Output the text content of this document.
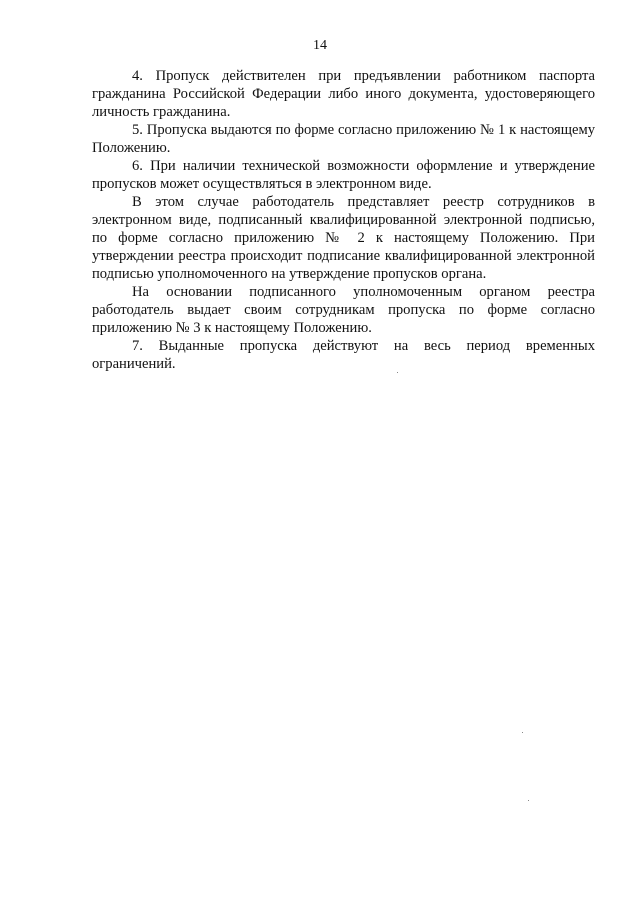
14

4. Пропуск действителен при предъявлении работником паспорта гражданина Российской Федерации либо иного документа, удостоверяющего личность гражданина.

5. Пропуска выдаются по форме согласно приложению № 1 к настоящему Положению.

6. При наличии технической возможности оформление и утверждение пропусков может осуществляться в электронном виде.

В этом случае работодатель представляет реестр сотрудников в электронном виде, подписанный квалифицированной электронной подписью, по форме согласно приложению № 2 к настоящему Положению. При утверждении реестра происходит подписание квалифицированной электронной подписью уполномоченного на утверждение пропусков органа.

На основании подписанного уполномоченным органом реестра работодатель выдает своим сотрудникам пропуска по форме согласно приложению № 3 к настоящему Положению.

7. Выданные пропуска действуют на весь период временных ограничений.
